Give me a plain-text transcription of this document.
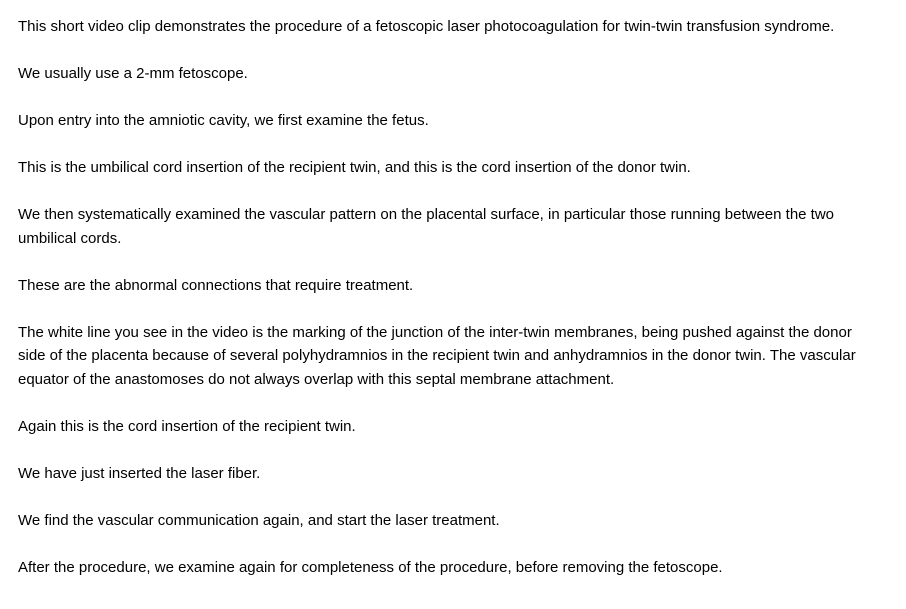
This short video clip demonstrates the procedure of a fetoscopic laser photocoagulation for twin-twin transfusion syndrome.

We usually use a 2-mm fetoscope.

Upon entry into the amniotic cavity, we first examine the fetus.

This is the umbilical cord insertion of the recipient twin, and this is the cord insertion of the donor twin.

We then systematically examined the vascular pattern on the placental surface, in particular those running between the two umbilical cords.

These are the abnormal connections that require treatment.

The white line you see in the video is the marking of the junction of the inter-twin membranes, being pushed against the donor side of the placenta because of several polyhydramnios in the recipient twin and anhydramnios in the donor twin. The vascular equator of the anastomoses do not always overlap with this septal membrane attachment.

Again this is the cord insertion of the recipient twin.

We have just inserted the laser fiber.

We find the vascular communication again, and start the laser treatment.

After the procedure, we examine again for completeness of the procedure, before removing the fetoscope.
